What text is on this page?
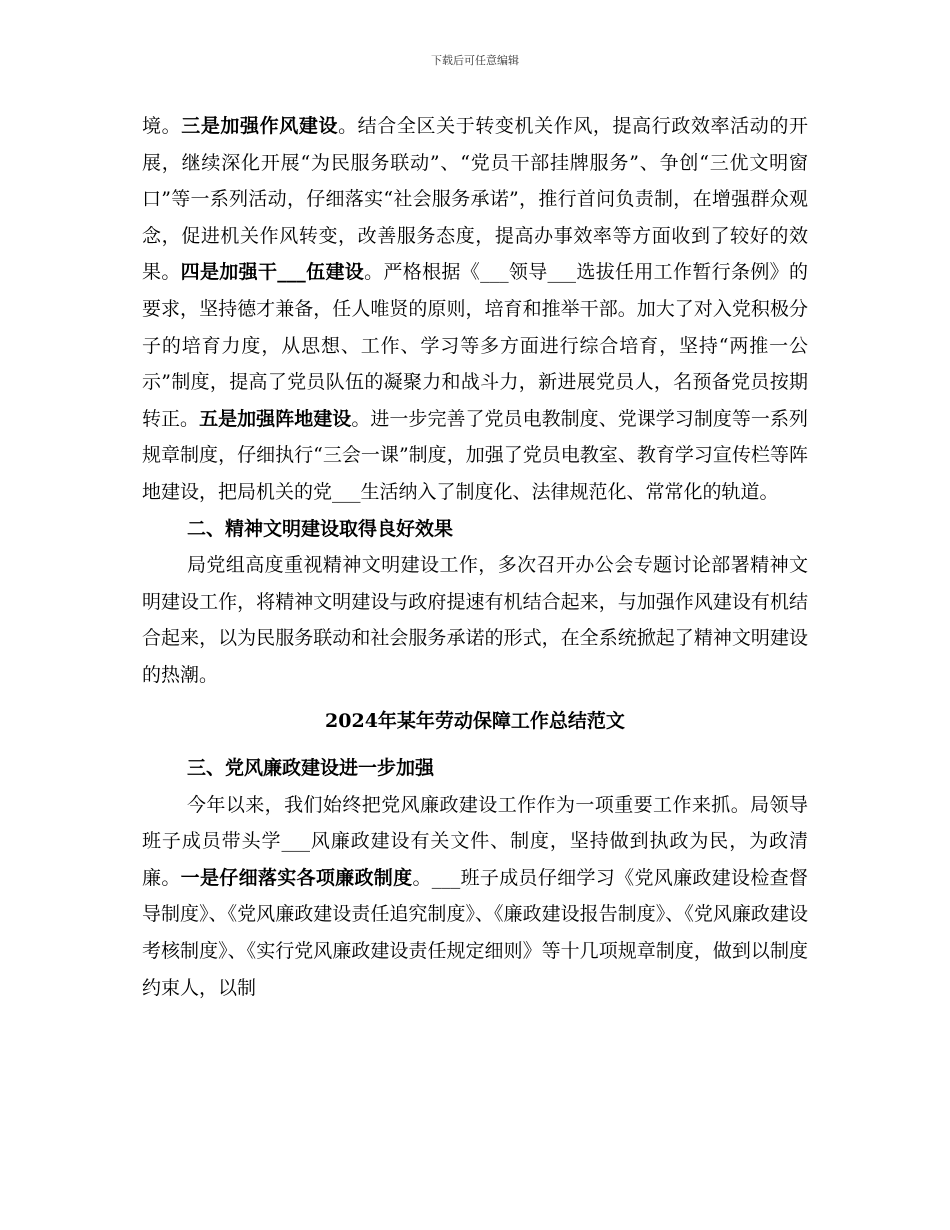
下载后可任意编辑

境。三是加强作风建设。结合全区关于转变机关作风，提高行政效率活动的开展，继续深化开展“为民服务联动”、“党员干部挂牌服务”、争创“三优文明窗口”等一系列活动，仔细落实“社会服务承诺”，推行首问负责制，在增强群众观念，促进机关作风转变，改善服务态度，提高办事效率等方面收到了较好的效果。四是加强干___伍建设。严格根据《___领导___选拔任用工作暂行条例》的要求，坚持德才兼备，任人唯贤的原则，培育和推举干部。加大了对入党积极分子的培育力度，从思想、工作、学习等多方面进行综合培育，坚持“两推一公示”制度，提高了党员队伍的凝聚力和战斗力，新进展党员人，名预备党员按期转正。五是加强阵地建设。进一步完善了党员电教制度、党课学习制度等一系列规章制度，仔细执行“三会一课”制度，加强了党员电教室、教育学习宣传栏等阵地建设，把局机关的党___生活纳入了制度化、法律规范化、常常化的轨道。

二、精神文明建设取得良好效果

局党组高度重视精神文明建设工作，多次召开办公会专题讨论部署精神文明建设工作，将精神文明建设与政府提速有机结合起来，与加强作风建设有机结合起来，以为民服务联动和社会服务承诺的形式，在全系统掀起了精神文明建设的热潮。

2024年某年劳动保障工作总结范文

三、党风廉政建设进一步加强

今年以来，我们始终把党风廉政建设工作作为一项重要工作来抓。局领导班子成员带头学___风廉政建设有关文件、制度，坚持做到执政为民，为政清廉。一是仔细落实各项廉政制度。___班子成员仔细学习《党风廉政建设检查督导制度》、《党风廉政建设责任追究制度》、《廉政建设报告制度》、《党风廉政建设考核制度》、《实行党风廉政建设责任规定细则》等十几项规章制度，做到以制度约束人，以制
